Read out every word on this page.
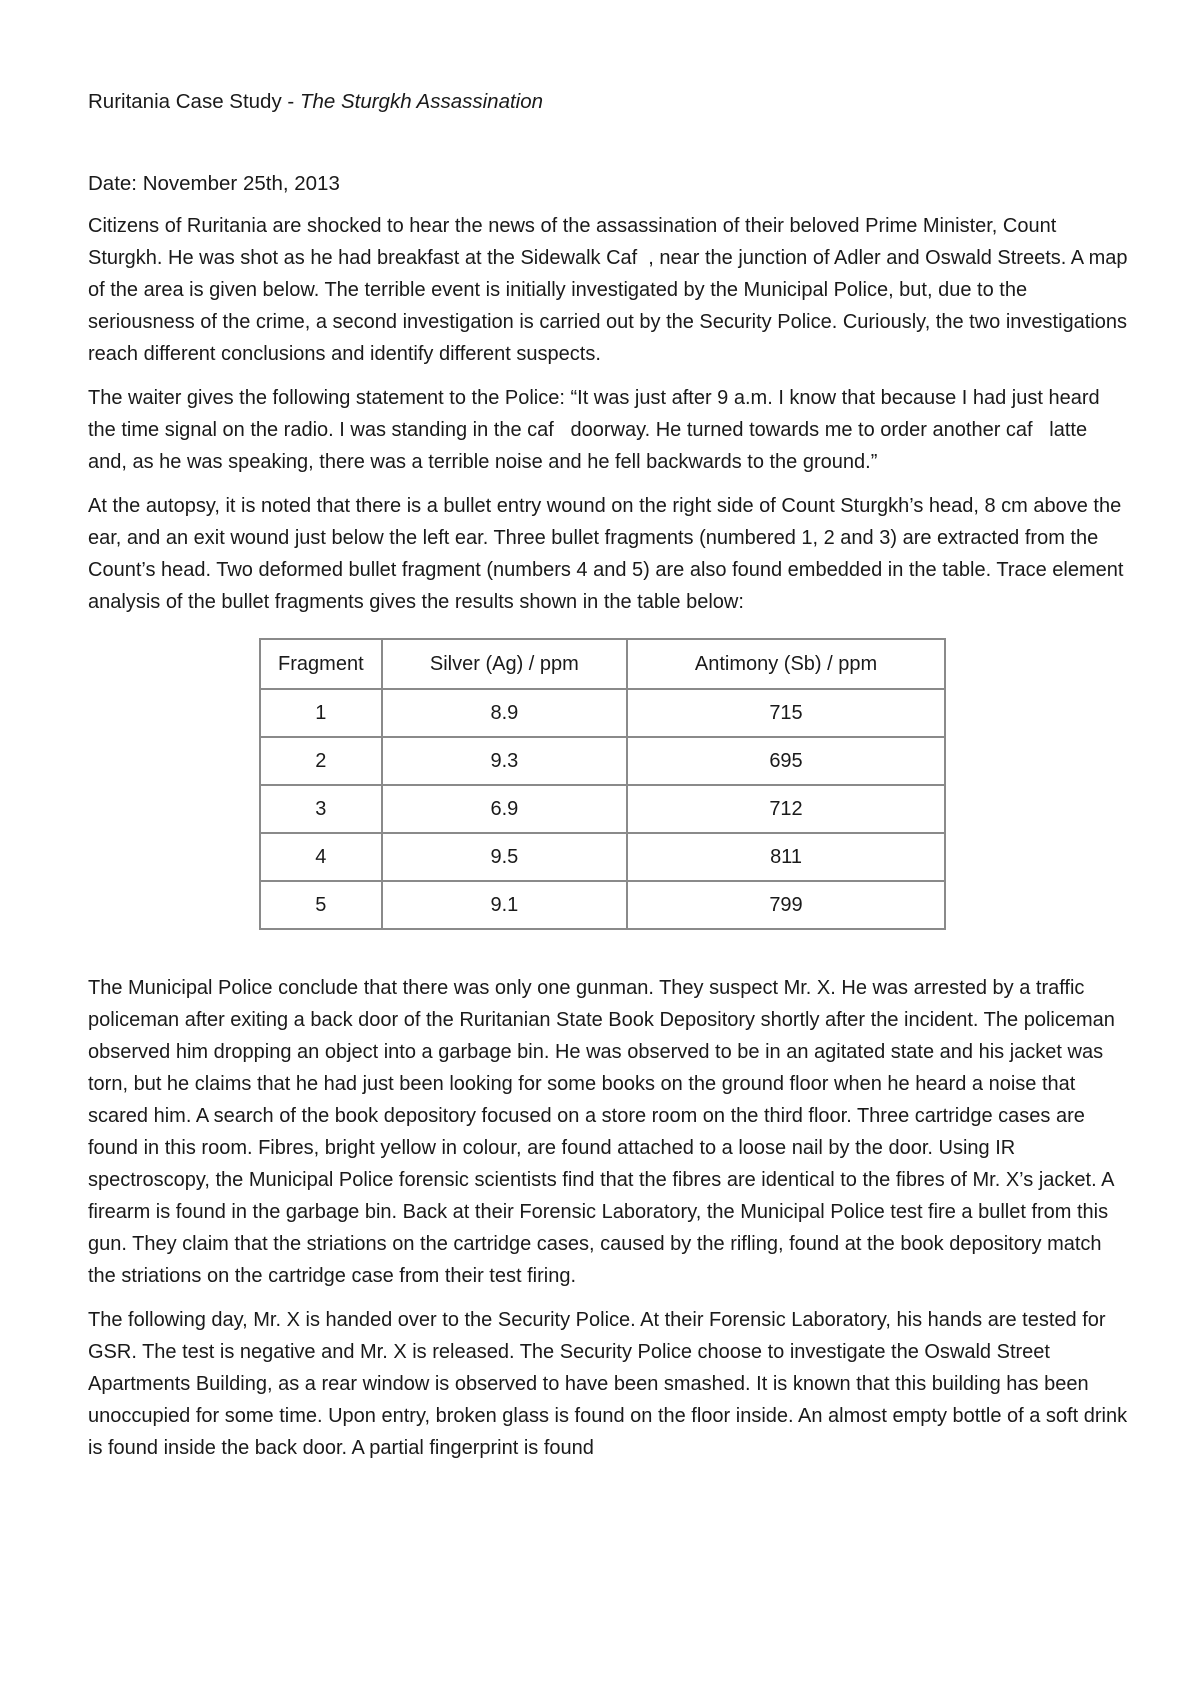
Ruritania Case Study - The Sturgkh Assassination
Date: November 25th, 2013

Citizens of Ruritania are shocked to hear the news of the assassination of their beloved Prime Minister, Count Sturgkh. He was shot as he had breakfast at the Sidewalk Caf  , near the junction of Adler and Oswald Streets. A map of the area is given below. The terrible event is initially investigated by the Municipal Police, but, due to the seriousness of the crime, a second investigation is carried out by the Security Police. Curiously, the two investigations reach different conclusions and identify different suspects.

The waiter gives the following statement to the Police: “It was just after 9 a.m. I know that because I had just heard the time signal on the radio. I was standing in the caf   doorway. He turned towards me to order another caf   latte and, as he was speaking, there was a terrible noise and he fell backwards to the ground.”

At the autopsy, it is noted that there is a bullet entry wound on the right side of Count Sturgkh’s head, 8 cm above the ear, and an exit wound just below the left ear. Three bullet fragments (numbered 1, 2 and 3) are extracted from the Count’s head. Two deformed bullet fragment (numbers 4 and 5) are also found embedded in the table. Trace element analysis of the bullet fragments gives the results shown in the table below:

Fragment	Silver (Ag) / ppm	Antimony (Sb) / ppm
1	8.9	715
2	9.3	695
3	6.9	712
4	9.5	811
5	9.1	799

The Municipal Police conclude that there was only one gunman. They suspect Mr. X. He was arrested by a traffic policeman after exiting a back door of the Ruritanian State Book Depository shortly after the incident. The policeman observed him dropping an object into a garbage bin. He was observed to be in an agitated state and his jacket was torn, but he claims that he had just been looking for some books on the ground floor when he heard a noise that scared him. A search of the book depository focused on a store room on the third floor. Three cartridge cases are found in this room. Fibres, bright yellow in colour, are found attached to a loose nail by the door. Using IR spectroscopy, the Municipal Police forensic scientists find that the fibres are identical to the fibres of Mr. X’s jacket. A firearm is found in the garbage bin. Back at their Forensic Laboratory, the Municipal Police test fire a bullet from this gun. They claim that the striations on the cartridge cases, caused by the rifling, found at the book depository match the striations on the cartridge case from their test firing.

The following day, Mr. X is handed over to the Security Police. At their Forensic Laboratory, his hands are tested for GSR. The test is negative and Mr. X is released. The Security Police choose to investigate the Oswald Street Apartments Building, as a rear window is observed to have been smashed. It is known that this building has been unoccupied for some time. Upon entry, broken glass is found on the floor inside. An almost empty bottle of a soft drink is found inside the back door. A partial fingerprint is found
